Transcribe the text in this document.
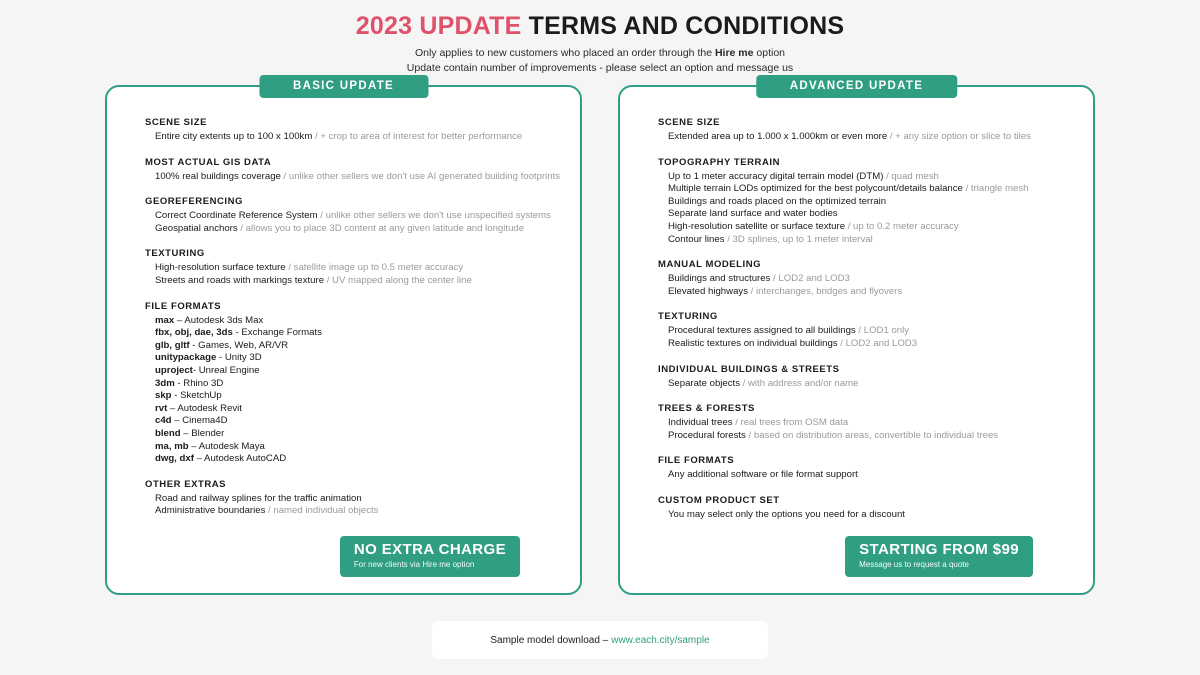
2023 UPDATE TERMS AND CONDITIONS
Only applies to new customers who placed an order through the Hire me option
Update contain number of improvements - please select an option and message us
BASIC UPDATE
SCENE SIZE
Entire city extents up to 100 x 100km / + crop to area of interest for better performance
MOST ACTUAL GIS DATA
100% real buildings coverage / unlike other sellers we don't use AI generated building footprints
GEOREFERENCING
Correct Coordinate Reference System / unlike other sellers we don't use unspecified systems
Geospatial anchors / allows you to place 3D content at any given latitude and longitude
TEXTURING
High-resolution surface texture / satellite image up to 0.5 meter accuracy
Streets and roads with markings texture / UV mapped along the center line
FILE FORMATS
max – Autodesk 3ds Max
fbx, obj, dae, 3ds - Exchange Formats
glb, gltf - Games, Web, AR/VR
unitypackage - Unity 3D
uproject- Unreal Engine
3dm - Rhino 3D
skp - SketchUp
rvt – Autodesk Revit
c4d – Cinema4D
blend – Blender
ma, mb – Autodesk Maya
dwg, dxf – Autodesk AutoCAD
OTHER EXTRAS
Road and railway splines for the traffic animation
Administrative boundaries / named individual objects
NO EXTRA CHARGE
For new clients via Hire me option
ADVANCED UPDATE
SCENE SIZE
Extended area up to 1.000 x 1.000km or even more / + any size option or slice to tiles
TOPOGRAPHY TERRAIN
Up to 1 meter accuracy digital terrain model (DTM) / quad mesh
Multiple terrain LODs optimized for the best polycount/details balance / triangle mesh
Buildings and roads placed on the optimized terrain
Separate land surface and water bodies
High-resolution satellite or surface texture / up to 0.2 meter accuracy
Contour lines / 3D splines, up to 1 meter interval
MANUAL MODELING
Buildings and structures / LOD2 and LOD3
Elevated highways / interchanges, bridges and flyovers
TEXTURING
Procedural textures assigned to all buildings / LOD1 only
Realistic textures on individual buildings / LOD2 and LOD3
INDIVIDUAL BUILDINGS & STREETS
Separate objects / with address and/or name
TREES & FORESTS
Individual trees / real trees from OSM data
Procedural forests / based on distribution areas, convertible to individual trees
FILE FORMATS
Any additional software or file format support
CUSTOM PRODUCT SET
You may select only the options you need for a discount
STARTING FROM $99
Message us to request a quote
Sample model download – www.each.city/sample
